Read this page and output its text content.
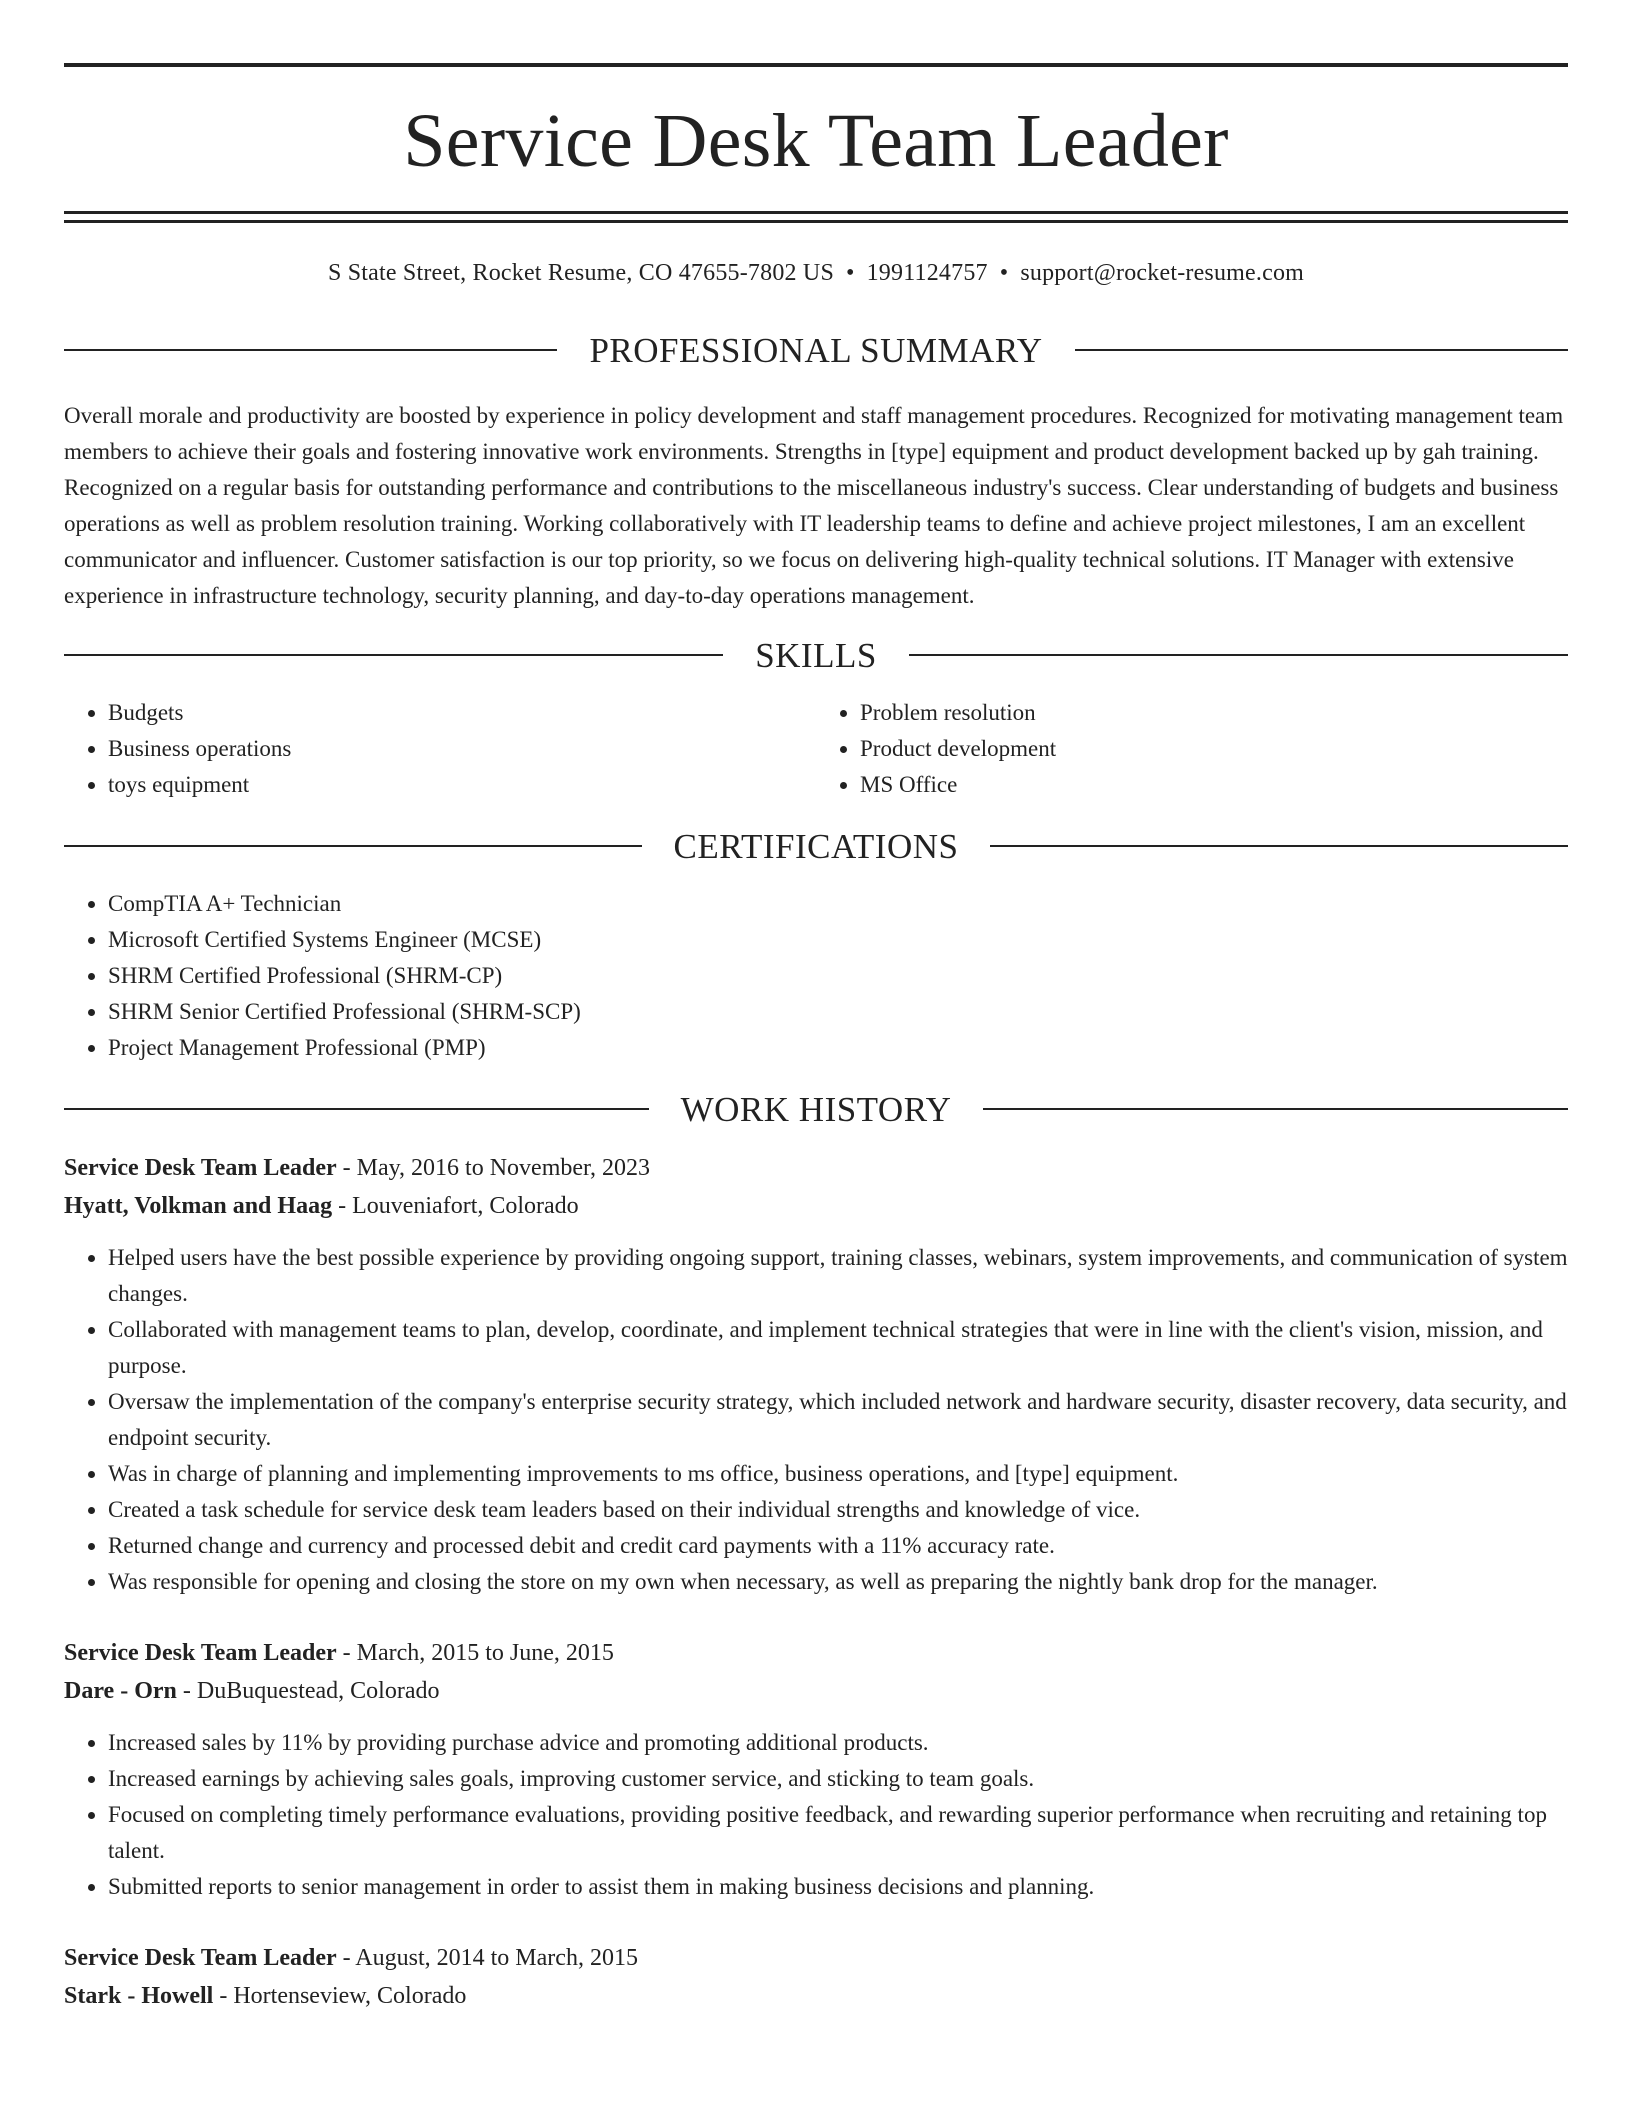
Service Desk Team Leader
S State Street, Rocket Resume, CO 47655-7802 US • 1991124757 • support@rocket-resume.com
PROFESSIONAL SUMMARY
Overall morale and productivity are boosted by experience in policy development and staff management procedures. Recognized for motivating management team members to achieve their goals and fostering innovative work environments. Strengths in [type] equipment and product development backed up by gah training. Recognized on a regular basis for outstanding performance and contributions to the miscellaneous industry's success. Clear understanding of budgets and business operations as well as problem resolution training. Working collaboratively with IT leadership teams to define and achieve project milestones, I am an excellent communicator and influencer. Customer satisfaction is our top priority, so we focus on delivering high-quality technical solutions. IT Manager with extensive experience in infrastructure technology, security planning, and day-to-day operations management.
SKILLS
• Budgets
• Business operations
• toys equipment
• Problem resolution
• Product development
• MS Office
CERTIFICATIONS
• CompTIA A+ Technician
• Microsoft Certified Systems Engineer (MCSE)
• SHRM Certified Professional (SHRM-CP)
• SHRM Senior Certified Professional (SHRM-SCP)
• Project Management Professional (PMP)
WORK HISTORY
Service Desk Team Leader - May, 2016 to November, 2023
Hyatt, Volkman and Haag - Louveniafort, Colorado
• Helped users have the best possible experience by providing ongoing support, training classes, webinars, system improvements, and communication of system changes.
• Collaborated with management teams to plan, develop, coordinate, and implement technical strategies that were in line with the client's vision, mission, and purpose.
• Oversaw the implementation of the company's enterprise security strategy, which included network and hardware security, disaster recovery, data security, and endpoint security.
• Was in charge of planning and implementing improvements to ms office, business operations, and [type] equipment.
• Created a task schedule for service desk team leaders based on their individual strengths and knowledge of vice.
• Returned change and currency and processed debit and credit card payments with a 11% accuracy rate.
• Was responsible for opening and closing the store on my own when necessary, as well as preparing the nightly bank drop for the manager.
Service Desk Team Leader - March, 2015 to June, 2015
Dare - Orn - DuBuquestead, Colorado
• Increased sales by 11% by providing purchase advice and promoting additional products.
• Increased earnings by achieving sales goals, improving customer service, and sticking to team goals.
• Focused on completing timely performance evaluations, providing positive feedback, and rewarding superior performance when recruiting and retaining top talent.
• Submitted reports to senior management in order to assist them in making business decisions and planning.
Service Desk Team Leader - August, 2014 to March, 2015
Stark - Howell - Hortenseview, Colorado
